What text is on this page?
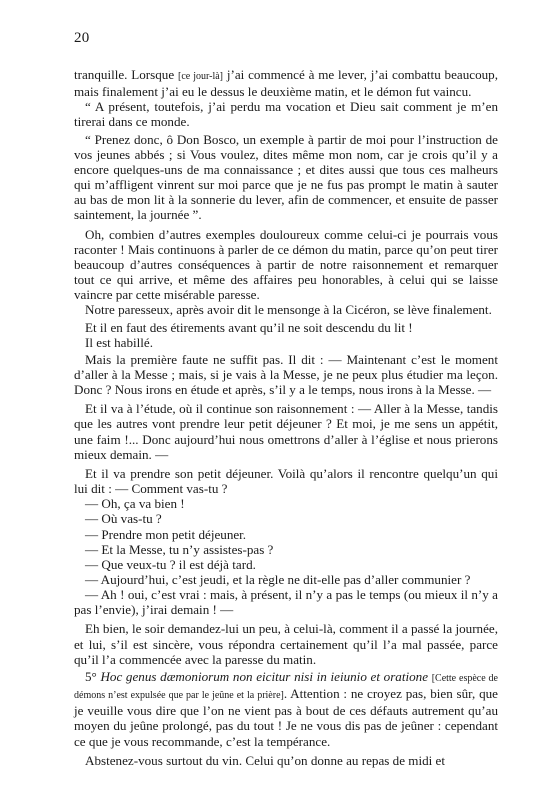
20

tranquille. Lorsque [ce jour-là] j’ai commencé à me lever, j’ai combattu beaucoup, mais finalement j’ai eu le dessus le deuxième matin, et le démon fut vaincu.

“ A présent, toutefois, j’ai perdu ma vocation et Dieu sait comment je m’en tirerai dans ce monde.

“ Prenez donc, ô Don Bosco, un exemple à partir de moi pour l’instruction de vos jeunes abbés ; si Vous voulez, dites même mon nom, car je crois qu’il y a encore quelques-uns de ma connaissance ; et dites aussi que tous ces malheurs qui m’affligent vinrent sur moi parce que je ne fus pas prompt le matin à sauter au bas de mon lit à la sonnerie du lever, afin de commencer, et ensuite de passer saintement, la journée ”.

Oh, combien d’autres exemples douloureux comme celui-ci je pourrais vous raconter ! Mais continuons à parler de ce démon du matin, parce qu’on peut tirer beaucoup d’autres conséquences à partir de notre raisonnement et remarquer tout ce qui arrive, et même des affaires peu honorables, à celui qui se laisse vaincre par cette misérable paresse.

Notre paresseux, après avoir dit le mensonge à la Cicéron, se lève finalement.

Et il en faut des étirements avant qu’il ne soit descendu du lit !

Il est habillé.

Mais la première faute ne suffit pas. Il dit : — Maintenant c’est le moment d’aller à la Messe ; mais, si je vais à la Messe, je ne peux plus étudier ma leçon. Donc ? Nous irons en étude et après, s’il y a le temps, nous irons à la Messe. —

Et il va à l’étude, où il continue son raisonnement : — Aller à la Messe, tandis que les autres vont prendre leur petit déjeuner ? Et moi, je me sens un appétit, une faim !... Donc aujourd’hui nous omettrons d’aller à l’église et nous prierons mieux demain. —

Et il va prendre son petit déjeuner. Voilà qu’alors il rencontre quelqu’un qui lui dit : — Comment vas-tu ?

— Oh, ça va bien !

— Où vas-tu ?

— Prendre mon petit déjeuner.

— Et la Messe, tu n’y assistes-pas ?

— Que veux-tu ? il est déjà tard.

— Aujourd’hui, c’est jeudi, et la règle ne dit-elle pas d’aller communier ?

— Ah ! oui, c’est vrai : mais, à présent, il n’y a pas le temps (ou mieux il n’y a pas l’envie), j’irai demain ! —

Eh bien, le soir demandez-lui un peu, à celui-là, comment il a passé la journée, et lui, s’il est sincère, vous répondra certainement qu’il l’a mal passée, parce qu’il l’a commencée avec la paresse du matin.

5° Hoc genus dæmoniorum non eicitur nisi in ieiunio et oratione [Cette espèce de démons n’est expulsée que par le jeûne et la prière]. Attention : ne croyez pas, bien sûr, que je veuille vous dire que l’on ne vient pas à bout de ces défauts autrement qu’au moyen du jeûne prolongé, pas du tout ! Je ne vous dis pas de jeûner : cependant ce que je vous recommande, c’est la tempérance.

Abstenez-vous surtout du vin. Celui qu’on donne au repas de midi et
